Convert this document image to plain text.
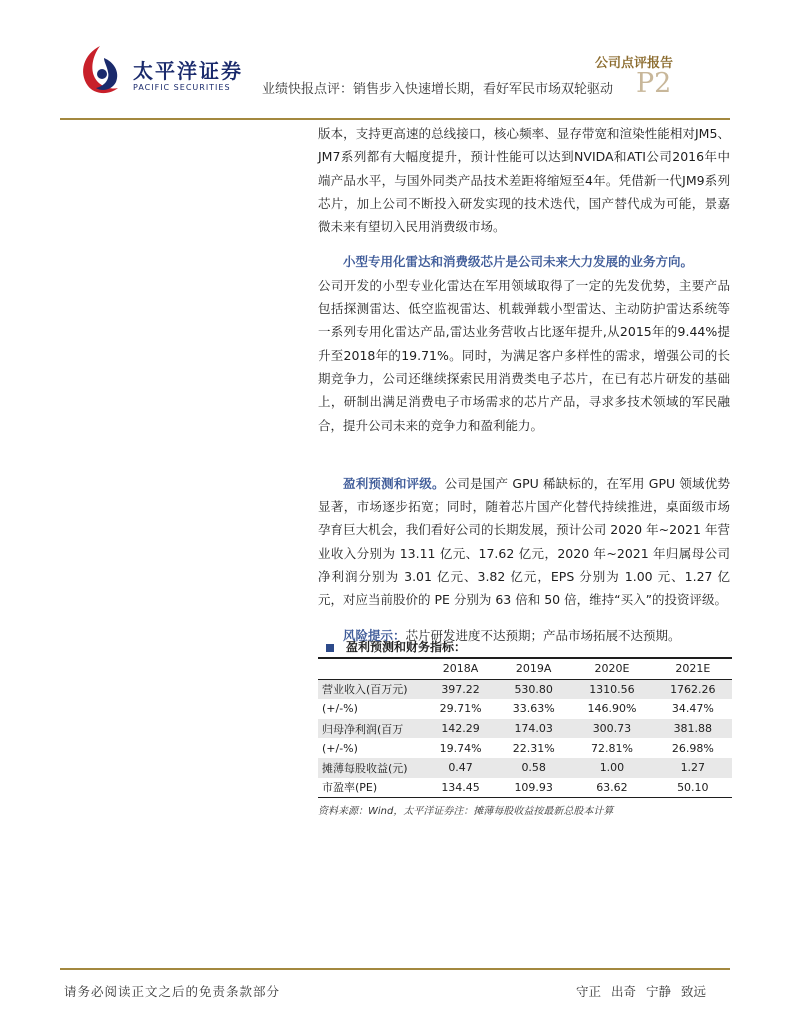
太平洋证券
PACIFIC SECURITIES
公司点评报告
业绩快报点评：销售步入快速增长期，看好军民市场双轮驱动 P2

版本，支持更高速的总线接口，核心频率、显存带宽和渲染性能相对JM5、JM7系列都有大幅度提升，预计性能可以达到NVIDA和ATI公司2016年中端产品水平，与国外同类产品技术差距将缩短至4年。凭借新一代JM9系列芯片，加上公司不断投入研发实现的技术迭代，国产替代成为可能，景嘉微未来有望切入民用消费级市场。

小型专用化雷达和消费级芯片是公司未来大力发展的业务方向。
公司开发的小型专业化雷达在军用领域取得了一定的先发优势，主要产品包括探测雷达、低空监视雷达、机载弹载小型雷达、主动防护雷达系统等一系列专用化雷达产品,雷达业务营收占比逐年提升,从2015年的9.44%提升至2018年的19.71%。同时，为满足客户多样性的需求，增强公司的长期竞争力，公司还继续探索民用消费类电子芯片，在已有芯片研发的基础上，研制出满足消费电子市场需求的芯片产品，寻求多技术领域的军民融合，提升公司未来的竞争力和盈利能力。

盈利预测和评级。公司是国产 GPU 稀缺标的，在军用 GPU 领域优势显著，市场逐步拓宽；同时，随着芯片国产化替代持续推进，桌面级市场孕育巨大机会，我们看好公司的长期发展，预计公司 2020 年~2021 年营业收入分别为 13.11 亿元、17.62 亿元，2020 年~2021 年归属母公司净利润分别为 3.01 亿元、3.82 亿元，EPS 分别为 1.00 元、1.27 亿元，对应当前股价的 PE 分别为 63 倍和 50 倍，维持“买入”的投资评级。

风险提示：芯片研发进度不达预期；产品市场拓展不达预期。

盈利预测和财务指标：
	2018A	2019A	2020E	2021E
营业收入(百万元)	397.22	530.80	1310.56	1762.26
(+/-%)	29.71%	33.63%	146.90%	34.47%
归母净利润(百万	142.29	174.03	300.73	381.88
(+/-%)	19.74%	22.31%	72.81%	26.98%
摊薄每股收益(元)	0.47	0.58	1.00	1.27
市盈率(PE)	134.45	109.93	63.62	50.10
资料来源：Wind，太平洋证券注：摊薄每股收益按最新总股本计算
请务必阅读正文之后的免责条款部分	守正 出奇 宁静 致远
